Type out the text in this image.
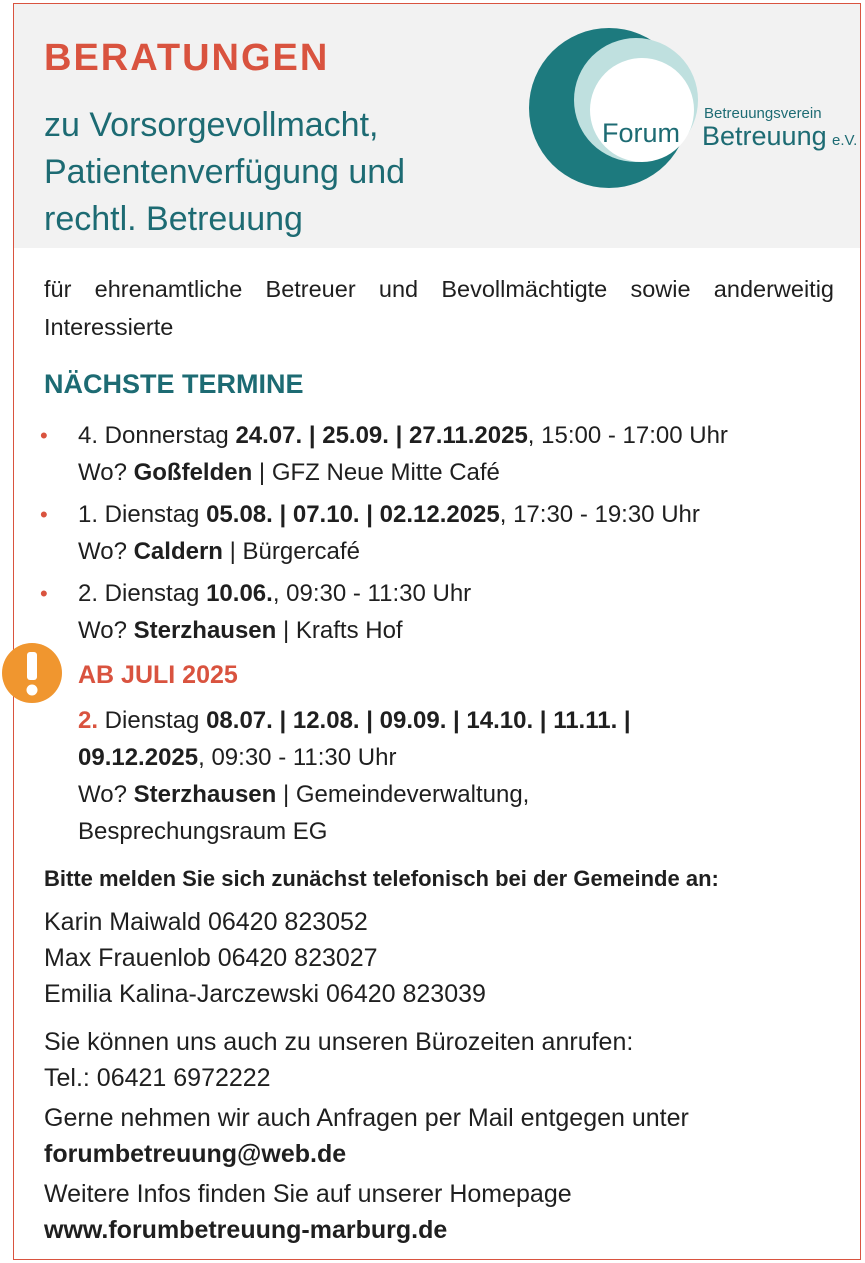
BERATUNGEN
zu Vorsorgevollmacht,
Patientenverfügung und
rechtl. Betreuung
Forum
Betreuungsverein
Betreuung e.V.
für ehrenamtliche Betreuer und Bevollmächtigte sowie anderweitig Interessierte
NÄCHSTE TERMINE
• 4. Donnerstag 24.07. | 25.09. | 27.11.2025, 15:00 - 17:00 Uhr
Wo? Goßfelden | GFZ Neue Mitte Café
• 1. Dienstag 05.08. | 07.10. | 02.12.2025, 17:30 - 19:30 Uhr
Wo? Caldern | Bürgercafé
• 2. Dienstag 10.06., 09:30 - 11:30 Uhr
Wo? Sterzhausen | Krafts Hof
AB JULI 2025
2. Dienstag 08.07. | 12.08. | 09.09. | 14.10. | 11.11. |
09.12.2025, 09:30 - 11:30 Uhr
Wo? Sterzhausen | Gemeindeverwaltung,
Besprechungsraum EG
Bitte melden Sie sich zunächst telefonisch bei der Gemeinde an:
Karin Maiwald 06420 823052
Max Frauenlob 06420 823027
Emilia Kalina-Jarczewski 06420 823039
Sie können uns auch zu unseren Bürozeiten anrufen:
Tel.: 06421 6972222
Gerne nehmen wir auch Anfragen per Mail entgegen unter
forumbetreuung@web.de
Weitere Infos finden Sie auf unserer Homepage
www.forumbetreuung-marburg.de
